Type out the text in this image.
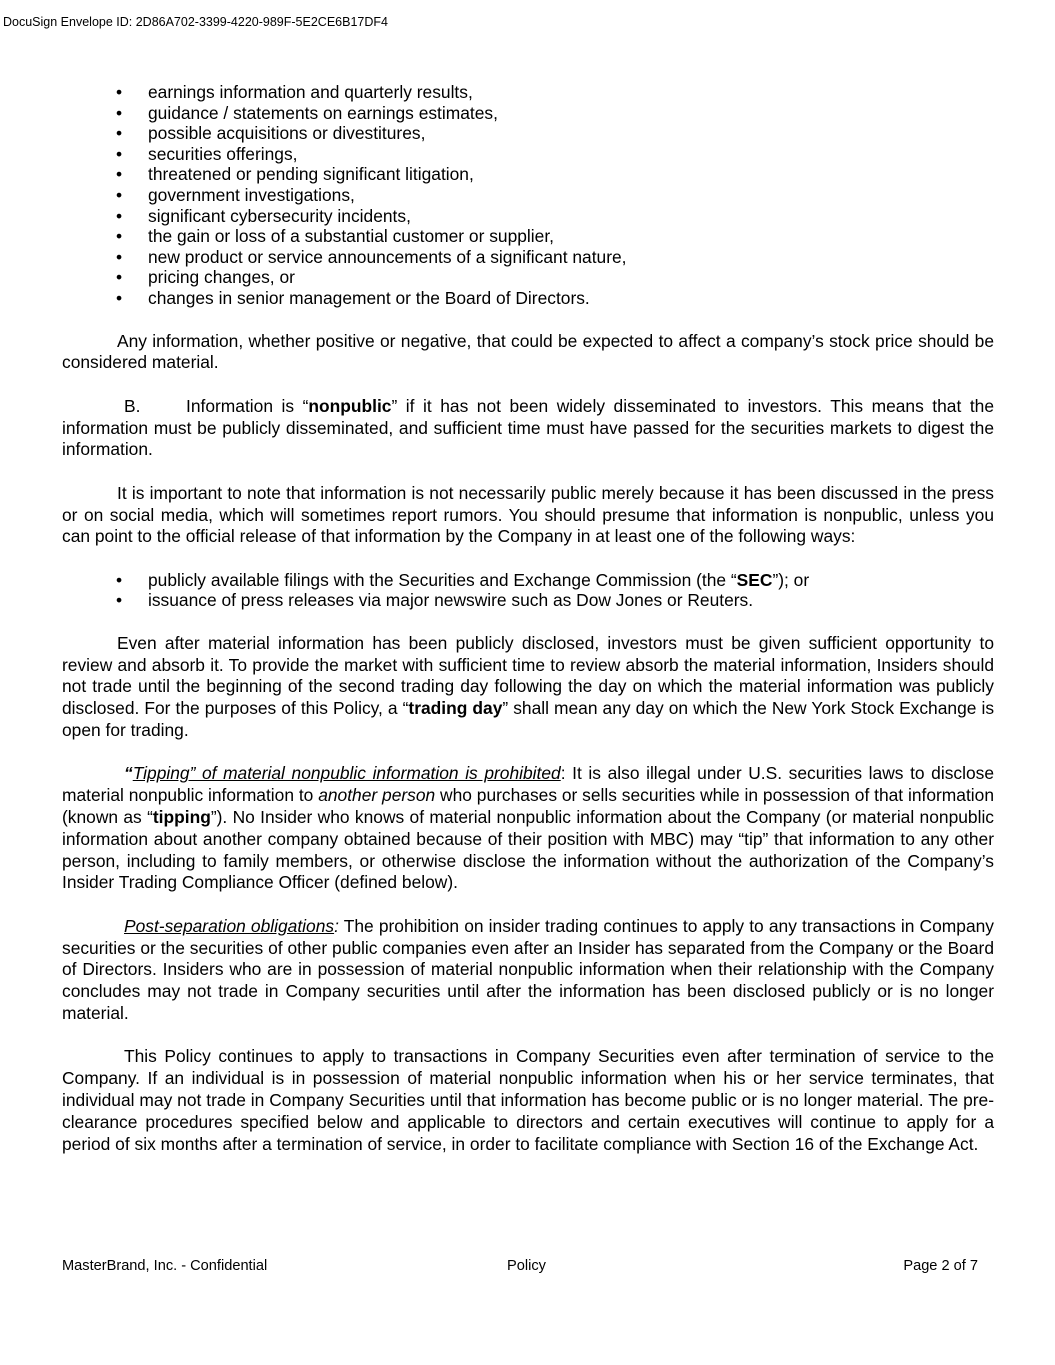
DocuSign Envelope ID: 2D86A702-3399-4220-989F-5E2CE6B17DF4
• earnings information and quarterly results,
• guidance / statements on earnings estimates,
• possible acquisitions or divestitures,
• securities offerings,
• threatened or pending significant litigation,
• government investigations,
• significant cybersecurity incidents,
• the gain or loss of a substantial customer or supplier,
• new product or service announcements of a significant nature,
• pricing changes, or
• changes in senior management or the Board of Directors.

Any information, whether positive or negative, that could be expected to affect a company’s stock price should be considered material.

B.	Information is “nonpublic” if it has not been widely disseminated to investors. This means that the information must be publicly disseminated, and sufficient time must have passed for the securities markets to digest the information.

It is important to note that information is not necessarily public merely because it has been discussed in the press or on social media, which will sometimes report rumors. You should presume that information is nonpublic, unless you can point to the official release of that information by the Company in at least one of the following ways:

• publicly available filings with the Securities and Exchange Commission (the “SEC”); or
• issuance of press releases via major newswire such as Dow Jones or Reuters.

Even after material information has been publicly disclosed, investors must be given sufficient opportunity to review and absorb it. To provide the market with sufficient time to review absorb the material information, Insiders should not trade until the beginning of the second trading day following the day on which the material information was publicly disclosed. For the purposes of this Policy, a “trading day” shall mean any day on which the New York Stock Exchange is open for trading.

“Tipping” of material nonpublic information is prohibited: It is also illegal under U.S. securities laws to disclose material nonpublic information to another person who purchases or sells securities while in possession of that information (known as “tipping”). No Insider who knows of material nonpublic information about the Company (or material nonpublic information about another company obtained because of their position with MBC) may “tip” that information to any other person, including to family members, or otherwise disclose the information without the authorization of the Company’s Insider Trading Compliance Officer (defined below).

Post-separation obligations: The prohibition on insider trading continues to apply to any transactions in Company securities or the securities of other public companies even after an Insider has separated from the Company or the Board of Directors. Insiders who are in possession of material nonpublic information when their relationship with the Company concludes may not trade in Company securities until after the information has been disclosed publicly or is no longer material.

This Policy continues to apply to transactions in Company Securities even after termination of service to the Company. If an individual is in possession of material nonpublic information when his or her service terminates, that individual may not trade in Company Securities until that information has become public or is no longer material. The pre-clearance procedures specified below and applicable to directors and certain executives will continue to apply for a period of six months after a termination of service, in order to facilitate compliance with Section 16 of the Exchange Act.

MasterBrand, Inc. - Confidential	Policy	Page 2 of 7
